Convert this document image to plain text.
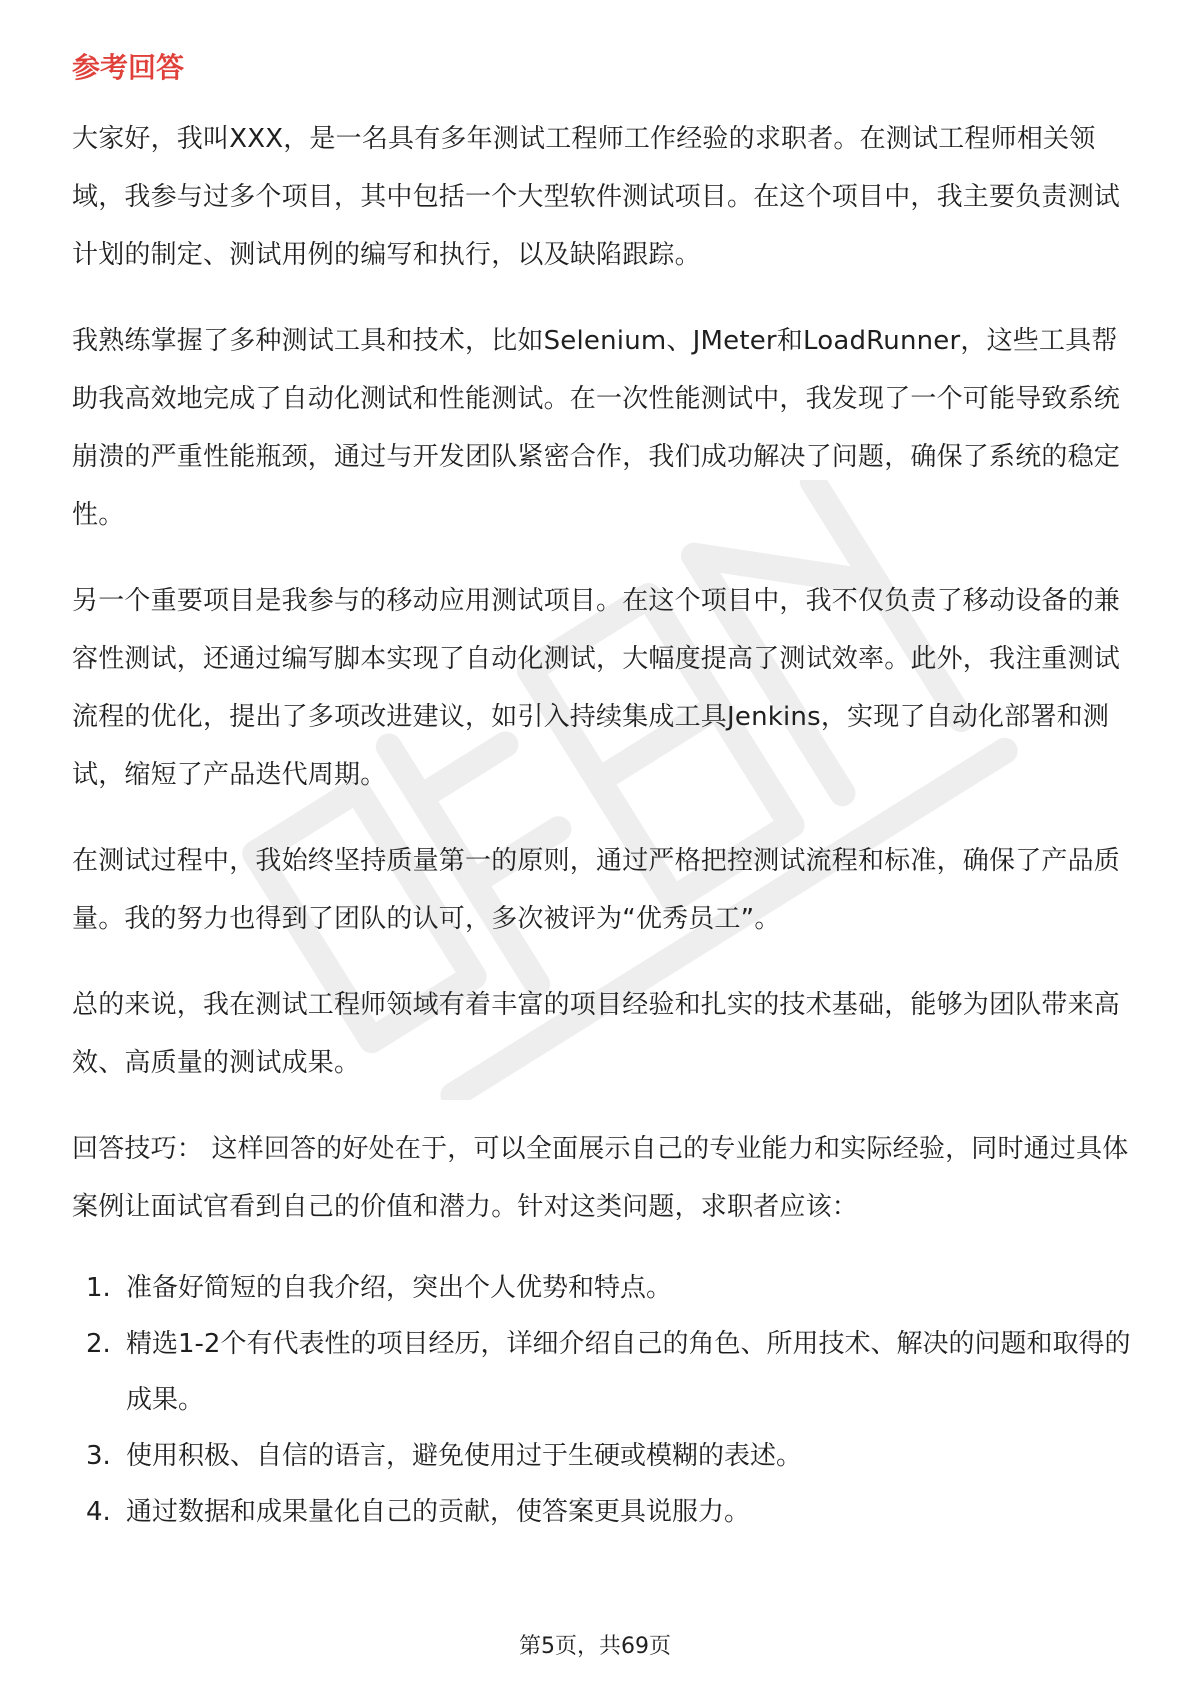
参考回答

大家好，我叫XXX，是一名具有多年测试工程师工作经验的求职者。在测试工程师相关领域，我参与过多个项目，其中包括一个大型软件测试项目。在这个项目中，我主要负责测试计划的制定、测试用例的编写和执行，以及缺陷跟踪。

我熟练掌握了多种测试工具和技术，比如Selenium、JMeter和LoadRunner，这些工具帮助我高效地完成了自动化测试和性能测试。在一次性能测试中，我发现了一个可能导致系统崩溃的严重性能瓶颈，通过与开发团队紧密合作，我们成功解决了问题，确保了系统的稳定性。

另一个重要项目是我参与的移动应用测试项目。在这个项目中，我不仅负责了移动设备的兼容性测试，还通过编写脚本实现了自动化测试，大幅度提高了测试效率。此外，我注重测试流程的优化，提出了多项改进建议，如引入持续集成工具Jenkins，实现了自动化部署和测试，缩短了产品迭代周期。

在测试过程中，我始终坚持质量第一的原则，通过严格把控测试流程和标准，确保了产品质量。我的努力也得到了团队的认可，多次被评为“优秀员工”。

总的来说，我在测试工程师领域有着丰富的项目经验和扎实的技术基础，能够为团队带来高效、高质量的测试成果。

回答技巧： 这样回答的好处在于，可以全面展示自己的专业能力和实际经验，同时通过具体案例让面试官看到自己的价值和潜力。针对这类问题，求职者应该：

1. 准备好简短的自我介绍，突出个人优势和特点。
2. 精选1-2个有代表性的项目经历，详细介绍自己的角色、所用技术、解决的问题和取得的成果。
3. 使用积极、自信的语言，避免使用过于生硬或模糊的表述。
4. 通过数据和成果量化自己的贡献，使答案更具说服力。
第5页，共69页
